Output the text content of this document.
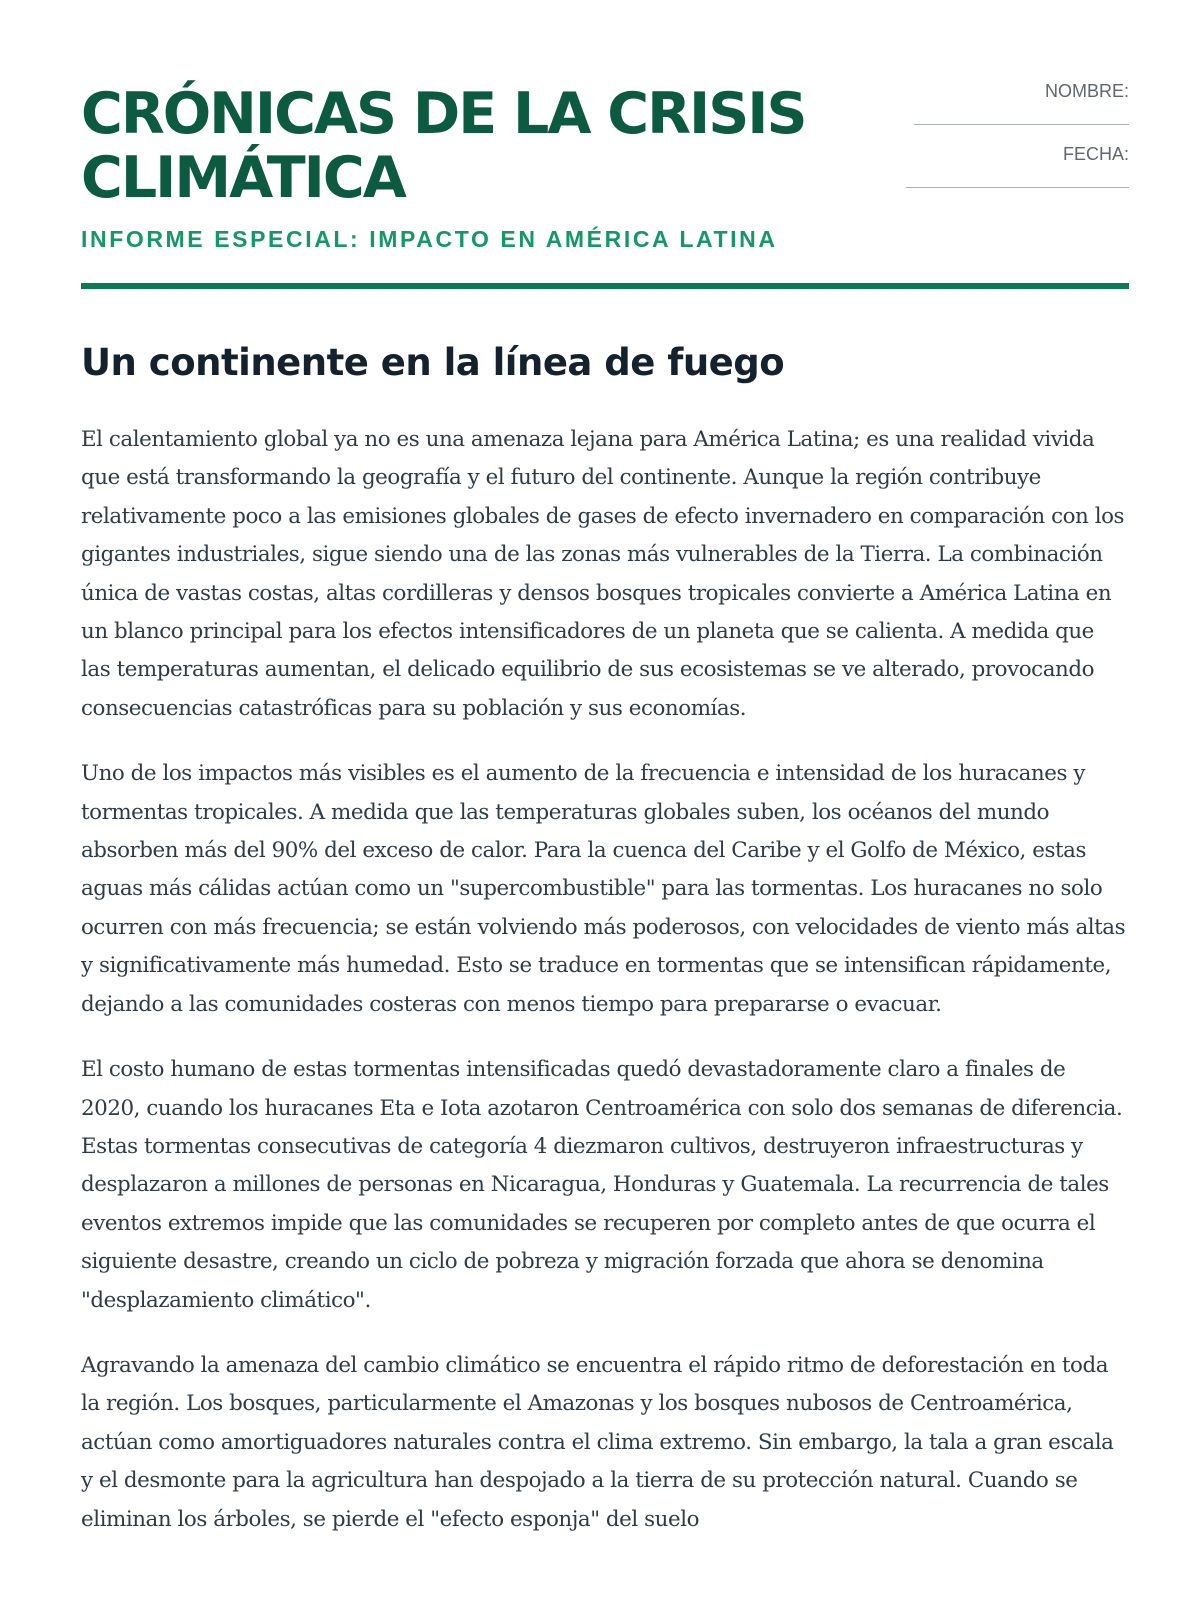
CRÓNICAS DE LA CRISIS CLIMÁTICA
INFORME ESPECIAL: IMPACTO EN AMÉRICA LATINA
NOMBRE:
FECHA:
Un continente en la línea de fuego

El calentamiento global ya no es una amenaza lejana para América Latina; es una realidad vivida que está transformando la geografía y el futuro del continente. Aunque la región contribuye relativamente poco a las emisiones globales de gases de efecto invernadero en comparación con los gigantes industriales, sigue siendo una de las zonas más vulnerables de la Tierra. La combinación única de vastas costas, altas cordilleras y densos bosques tropicales convierte a América Latina en un blanco principal para los efectos intensificadores de un planeta que se calienta. A medida que las temperaturas aumentan, el delicado equilibrio de sus ecosistemas se ve alterado, provocando consecuencias catastróficas para su población y sus economías.

Uno de los impactos más visibles es el aumento de la frecuencia e intensidad de los huracanes y tormentas tropicales. A medida que las temperaturas globales suben, los océanos del mundo absorben más del 90% del exceso de calor. Para la cuenca del Caribe y el Golfo de México, estas aguas más cálidas actúan como un "supercombustible" para las tormentas. Los huracanes no solo ocurren con más frecuencia; se están volviendo más poderosos, con velocidades de viento más altas y significativamente más humedad. Esto se traduce en tormentas que se intensifican rápidamente, dejando a las comunidades costeras con menos tiempo para prepararse o evacuar.

El costo humano de estas tormentas intensificadas quedó devastadoramente claro a finales de 2020, cuando los huracanes Eta e Iota azotaron Centroamérica con solo dos semanas de diferencia. Estas tormentas consecutivas de categoría 4 diezmaron cultivos, destruyeron infraestructuras y desplazaron a millones de personas en Nicaragua, Honduras y Guatemala. La recurrencia de tales eventos extremos impide que las comunidades se recuperen por completo antes de que ocurra el siguiente desastre, creando un ciclo de pobreza y migración forzada que ahora se denomina "desplazamiento climático".

Agravando la amenaza del cambio climático se encuentra el rápido ritmo de deforestación en toda la región. Los bosques, particularmente el Amazonas y los bosques nubosos de Centroamérica, actúan como amortiguadores naturales contra el clima extremo. Sin embargo, la tala a gran escala y el desmonte para la agricultura han despojado a la tierra de su protección natural. Cuando se eliminan los árboles, se pierde el "efecto esponja" del suelo
